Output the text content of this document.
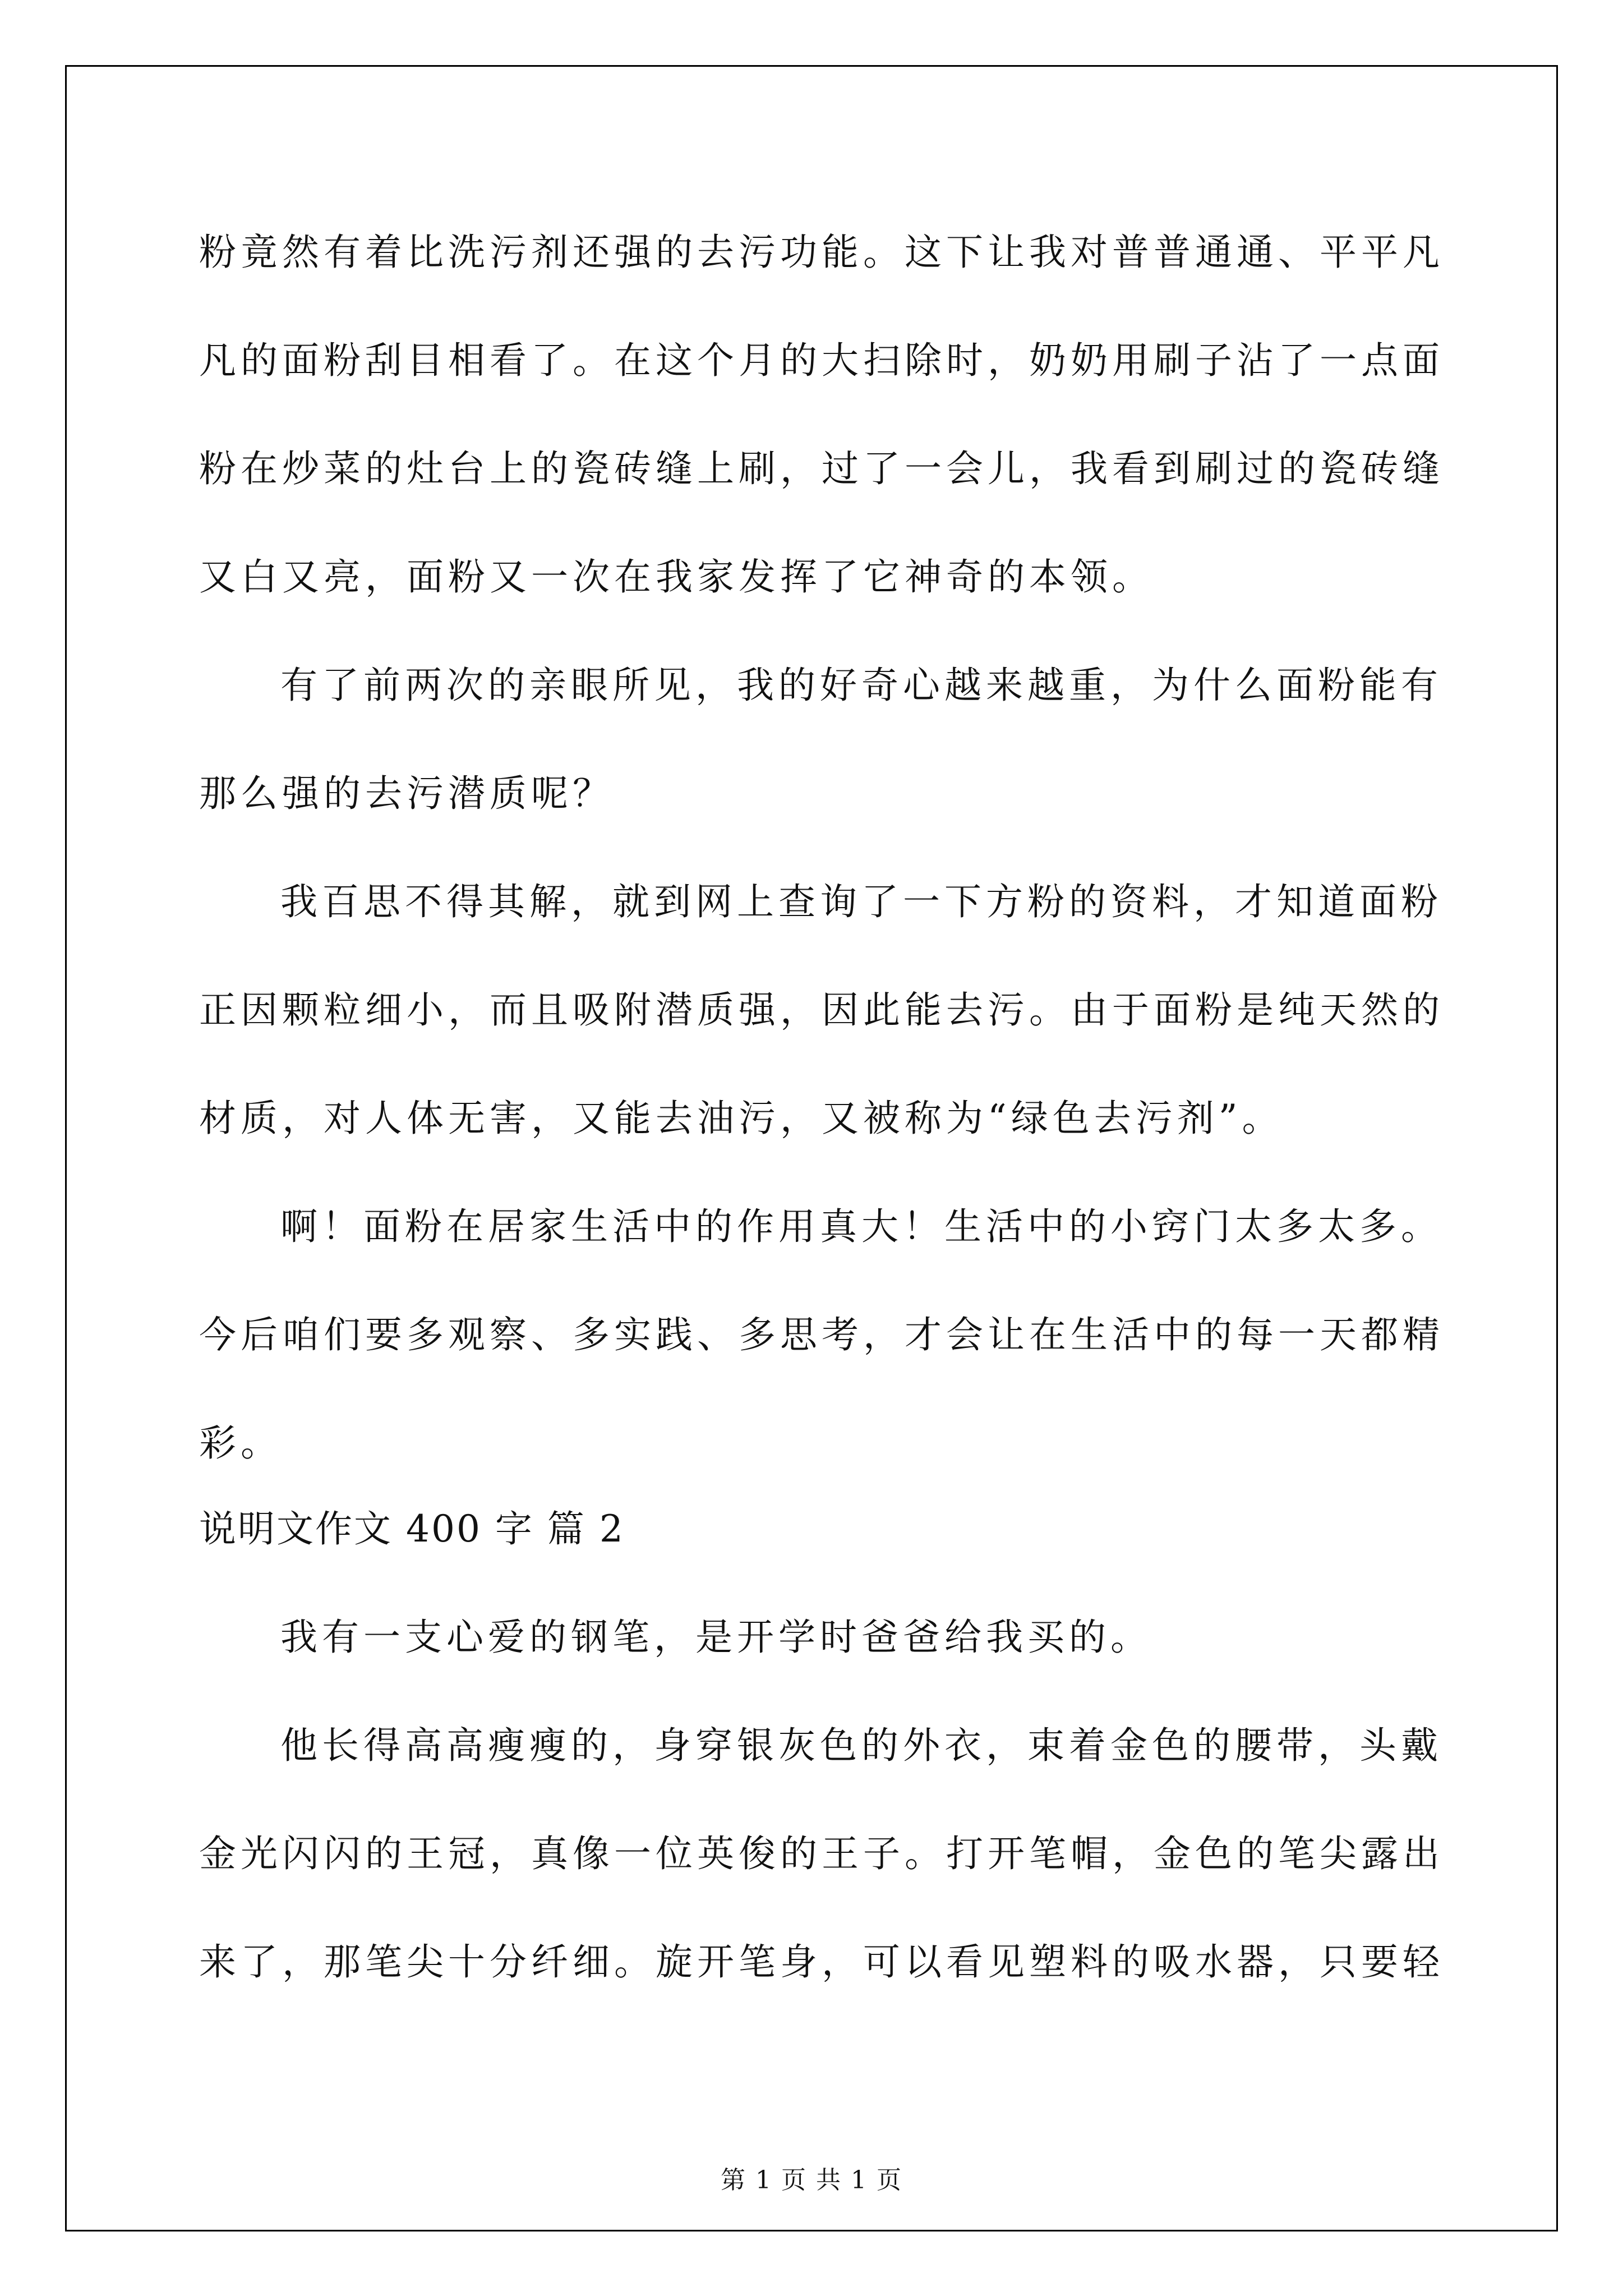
粉竟然有着比洗污剂还强的去污功能。这下让我对普普通通、平平凡
凡的面粉刮目相看了。在这个月的大扫除时，奶奶用刷子沾了一点面
粉在炒菜的灶台上的瓷砖缝上刷，过了一会儿，我看到刷过的瓷砖缝
又白又亮，面粉又一次在我家发挥了它神奇的本领。
有了前两次的亲眼所见，我的好奇心越来越重，为什么面粉能有
那么强的去污潜质呢？
我百思不得其解，就到网上查询了一下方粉的资料，才知道面粉
正因颗粒细小，而且吸附潜质强，因此能去污。由于面粉是纯天然的
材质，对人体无害，又能去油污，又被称为“绿色去污剂”。
啊！面粉在居家生活中的作用真大！生活中的小窍门太多太多。
今后咱们要多观察、多实践、多思考，才会让在生活中的每一天都精
彩。
说明文作文 400 字 篇 2
我有一支心爱的钢笔，是开学时爸爸给我买的。
他长得高高瘦瘦的，身穿银灰色的外衣，束着金色的腰带，头戴
金光闪闪的王冠，真像一位英俊的王子。打开笔帽，金色的笔尖露出
来了，那笔尖十分纤细。旋开笔身，可以看见塑料的吸水器，只要轻
第 1 页 共 1 页
